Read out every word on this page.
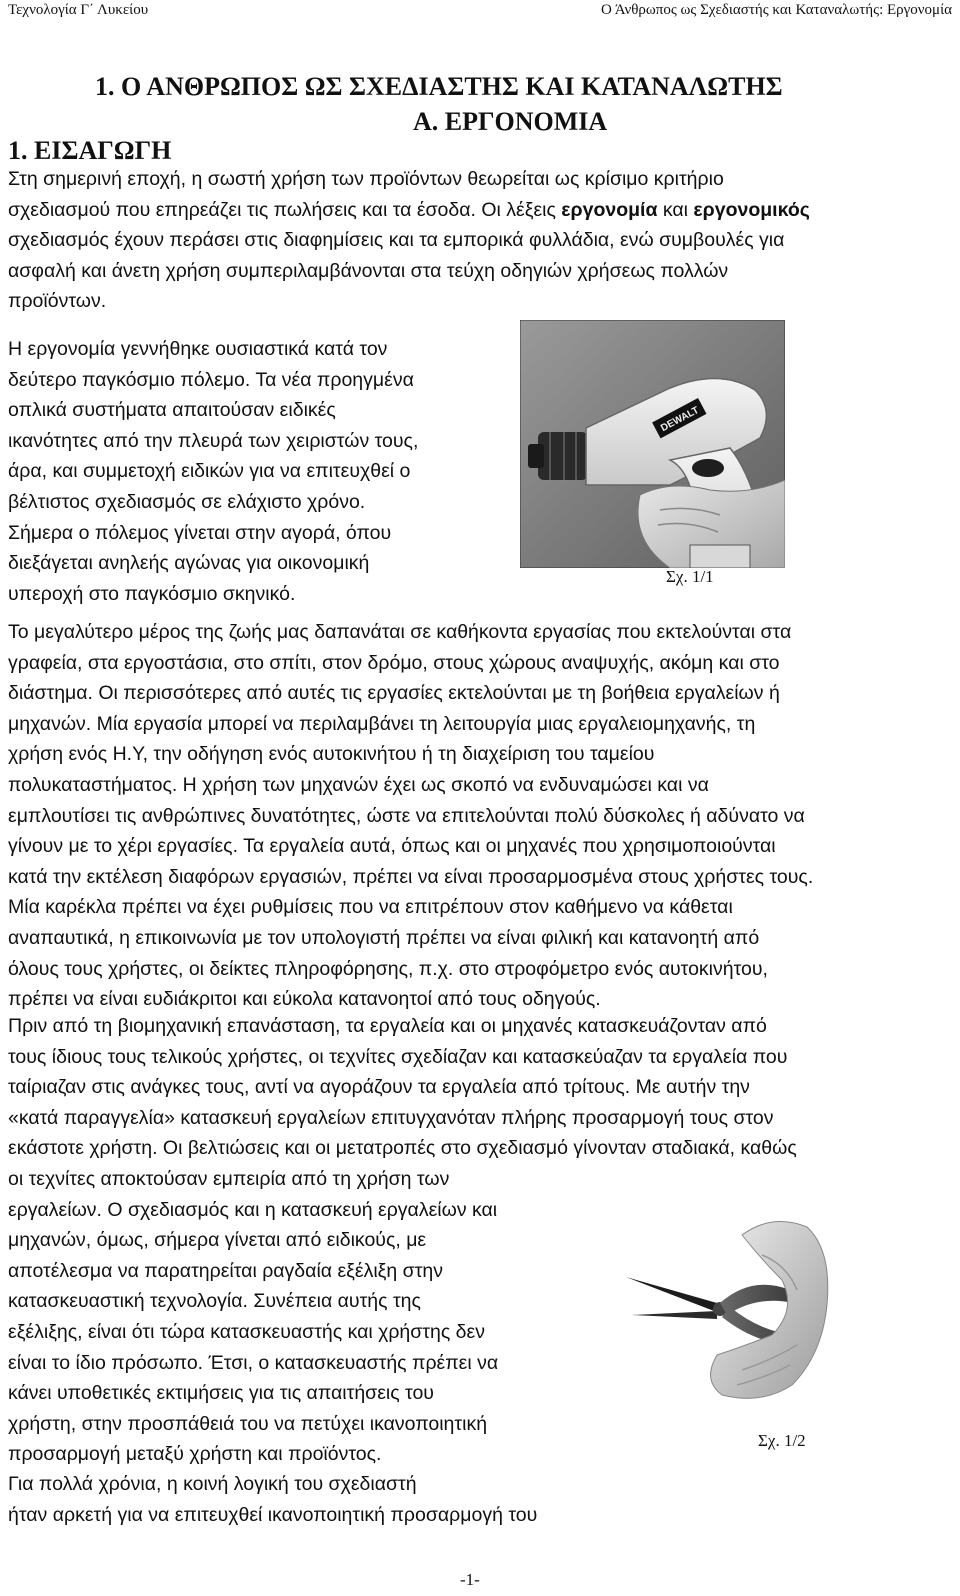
Τεχνολογία Γ΄ Λυκείου	Ο Άνθρωπος ως Σχεδιαστής και Καταναλωτής: Εργονομία
1. Ο ΑΝΘΡΩΠΟΣ ΩΣ ΣΧΕΔΙΑΣΤΗΣ ΚΑΙ ΚΑΤΑΝΑΛΩΤΗΣ
Α. ΕΡΓΟΝΟΜΙΑ
1. ΕΙΣΑΓΩΓΗ
Στη σημερινή εποχή, η σωστή χρήση των προϊόντων θεωρείται ως κρίσιμο κριτήριο
σχεδιασμού που επηρεάζει τις πωλήσεις και τα έσοδα. Οι λέξεις εργονομία και εργονομικός
σχεδιασμός έχουν περάσει στις διαφημίσεις και τα εμπορικά φυλλάδια, ενώ συμβουλές για
ασφαλή και άνετη χρήση συμπεριλαμβάνονται στα τεύχη οδηγιών χρήσεως πολλών
προϊόντων.
Η εργονομία γεννήθηκε ουσιαστικά κατά τον
δεύτερο παγκόσμιο πόλεμο. Τα νέα προηγμένα
οπλικά συστήματα απαιτούσαν ειδικές
ικανότητες από την πλευρά των χειριστών τους,
άρα, και συμμετοχή ειδικών για να επιτευχθεί ο
βέλτιστος σχεδιασμός σε ελάχιστο χρόνο.
Σήμερα ο πόλεμος γίνεται στην αγορά, όπου
διεξάγεται ανηλεής αγώνας για οικονομική
υπεροχή στο παγκόσμιο σκηνικό.
DEWALT
Σχ. 1/1
Το μεγαλύτερο μέρος της ζωής μας δαπανάται σε καθήκοντα εργασίας που εκτελούνται στα
γραφεία, στα εργοστάσια, στο σπίτι, στον δρόμο, στους χώρους αναψυχής, ακόμη και στο
διάστημα. Οι περισσότερες από αυτές τις εργασίες εκτελούνται με τη βοήθεια εργαλείων ή
μηχανών. Μία εργασία μπορεί να περιλαμβάνει τη λειτουργία μιας εργαλειομηχανής, τη
χρήση ενός Η.Υ, την οδήγηση ενός αυτοκινήτου ή τη διαχείριση του ταμείου
πολυκαταστήματος. Η χρήση των μηχανών έχει ως σκοπό να ενδυναμώσει και να
εμπλουτίσει τις ανθρώπινες δυνατότητες, ώστε να επιτελούνται πολύ δύσκολες ή αδύνατο να
γίνουν με το χέρι εργασίες. Τα εργαλεία αυτά, όπως και οι μηχανές που χρησιμοποιούνται
κατά την εκτέλεση διαφόρων εργασιών, πρέπει να είναι προσαρμοσμένα στους χρήστες τους.
Μία καρέκλα πρέπει να έχει ρυθμίσεις που να επιτρέπουν στον καθήμενο να κάθεται
αναπαυτικά, η επικοινωνία με τον υπολογιστή πρέπει να είναι φιλική και κατανοητή από
όλους τους χρήστες, οι δείκτες πληροφόρησης, π.χ. στο στροφόμετρο ενός αυτοκινήτου,
πρέπει να είναι ευδιάκριτοι και εύκολα κατανοητοί από τους οδηγούς.
Πριν από τη βιομηχανική επανάσταση, τα εργαλεία και οι μηχανές κατασκευάζονταν από
τους ίδιους τους τελικούς χρήστες, οι τεχνίτες σχεδίαζαν και κατασκεύαζαν τα εργαλεία που
ταίριαζαν στις ανάγκες τους, αντί να αγοράζουν τα εργαλεία από τρίτους. Με αυτήν την
«κατά παραγγελία» κατασκευή εργαλείων επιτυγχανόταν πλήρης προσαρμογή τους στον
εκάστοτε χρήστη. Οι βελτιώσεις και οι μετατροπές στο σχεδιασμό γίνονταν σταδιακά, καθώς
οι τεχνίτες αποκτούσαν εμπειρία από τη χρήση των
εργαλείων. Ο σχεδιασμός και η κατασκευή εργαλείων και
μηχανών, όμως, σήμερα γίνεται από ειδικούς, με
αποτέλεσμα να παρατηρείται ραγδαία εξέλιξη στην
κατασκευαστική τεχνολογία. Συνέπεια αυτής της
εξέλιξης, είναι ότι τώρα κατασκευαστής και χρήστης δεν
είναι το ίδιο πρόσωπο. Έτσι, ο κατασκευαστής πρέπει να
κάνει υποθετικές εκτιμήσεις για τις απαιτήσεις του
χρήστη, στην προσπάθειά του να πετύχει ικανοποιητική
προσαρμογή μεταξύ χρήστη και προϊόντος.
Σχ. 1/2
Για πολλά χρόνια, η κοινή λογική του σχεδιαστή
ήταν αρκετή για να επιτευχθεί ικανοποιητική προσαρμογή του
-1-
